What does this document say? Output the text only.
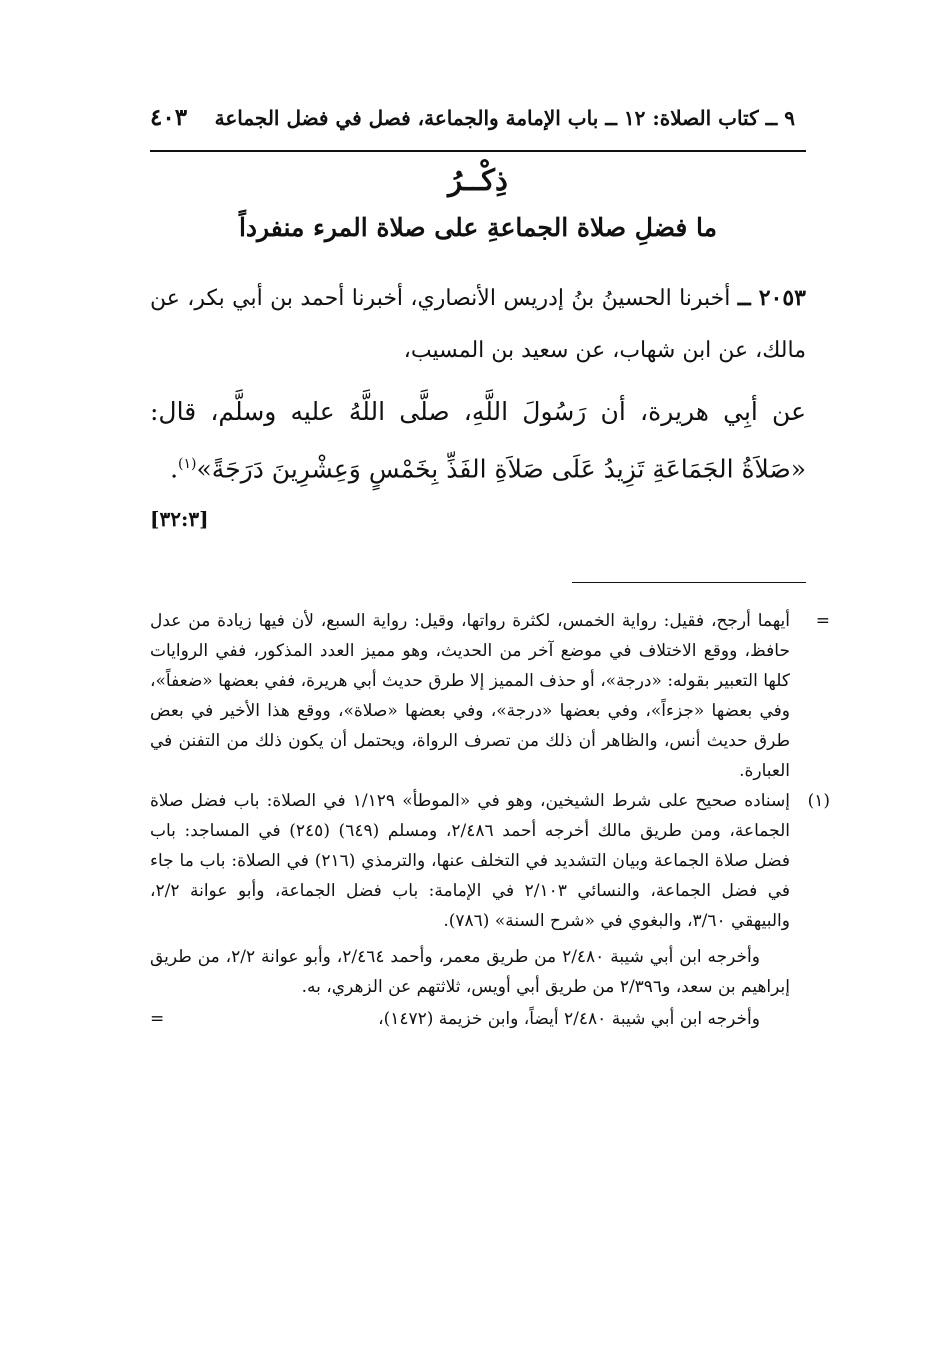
٩ ــ كتاب الصلاة: ١٢ ــ باب الإمامة والجماعة، فصل في فضل الجماعة
٤٠٣
ذِكْــرُ
ما فضلِ صلاة الجماعةِ على صلاة المرء منفرداً

٢٠٥٣ ــ أخبرنا الحسينُ بنُ إدريس الأنصاري، أخبرنا أحمد بن أبي بكر، عن مالك، عن ابن شهاب، عن سعيد بن المسيب،

عن أبِي هريرة، أن رَسُولَ اللَّهِ، صلَّى اللَّهُ عليه وسلَّم، قال: «صَلاَةُ الجَمَاعَةِ تَزِيدُ عَلَى صَلاَةِ الفَذِّ بِخَمْسٍ وَعِشْرِينَ دَرَجَةً»$^{(١)}$.

[٣٢:٣]
=
أيهما أرجح، فقيل: رواية الخمس، لكثرة رواتها، وقيل: رواية السبع، لأن فيها زيادة من عدل حافظ، ووقع الاختلاف في موضع آخر من الحديث، وهو مميز العدد المذكور، ففي الروايات كلها التعبير بقوله: «درجة»، أو حذف المميز إلا طرق حديث أبي هريرة، ففي بعضها «ضعفاً»، وفي بعضها «جزءاً»، وفي بعضها «درجة»، وفي بعضها «صلاة»، ووقع هذا الأخير في بعض طرق حديث أنس، والظاهر أن ذلك من تصرف الرواة، ويحتمل أن يكون ذلك من التفنن في العبارة.
(١)
إسناده صحيح على شرط الشيخين، وهو في «الموطأ» ١/١٢٩ في الصلاة: باب فضل صلاة الجماعة، ومن طريق مالك أخرجه أحمد ٢/٤٨٦، ومسلم (٦٤٩) (٢٤٥) في المساجد: باب فضل صلاة الجماعة وبيان التشديد في التخلف عنها، والترمذي (٢١٦) في الصلاة: باب ما جاء في فضل الجماعة، والنسائي ٢/١٠٣ في الإمامة: باب فضل الجماعة، وأبو عوانة ٢/٢، والبيهقي ٣/٦٠، والبغوي في «شرح السنة» (٧٨٦).

وأخرجه ابن أبي شيبة ٢/٤٨٠ من طريق معمر، وأحمد ٢/٤٦٤، وأبو عوانة ٢/٢، من طريق إبراهيم بن سعد، و٢/٣٩٦ من طريق أبي أويس، ثلاثتهم عن الزهري، به.

وأخرجه ابن أبي شيبة ٢/٤٨٠ أيضاً، وابن خزيمة (١٤٧٢)،
=
